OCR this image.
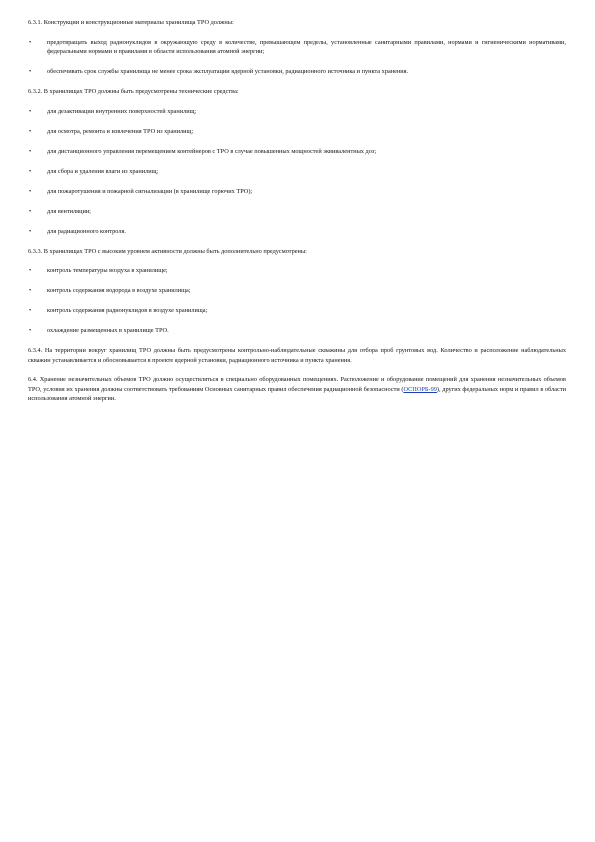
6.3.1. Конструкции и конструкционные материалы хранилища ТРО должны:

•	предотвращать выход радионуклидов в окружающую среду в количестве, превышающем пределы, установленные санитарными правилами, нормами и гигиеническими нормативами, федеральными нормами и правилами в области использования атомной энергии;
•	обеспечивать срок службы хранилища не менее срока эксплуатации ядерной установки, радиационного источника и пункта хранения.

6.3.2. В хранилищах ТРО должны быть предусмотрены технические средства:

•	для дезактивации внутренних поверхностей хранилищ;
•	для осмотра, ремонта и извлечения ТРО из хранилищ;
•	для дистанционного управления перемещением контейнеров с ТРО в случае повышенных мощностей эквивалентных доз;
•	для сбора и удаления влаги из хранилищ;
•	для пожаротушения и пожарной сигнализации (в хранилище горючих ТРО);
•	для вентиляции;
•	для радиационного контроля.

6.3.3. В хранилищах ТРО с высоким уровнем активности должны быть дополнительно предусмотрены:

•	контроль температуры воздуха в хранилище;
•	контроль содержания водорода в воздухе хранилища;
•	контроль содержания радионуклидов в воздухе хранилища;
•	охлаждение размещенных в хранилище ТРО.

6.3.4. На территории вокруг хранилищ ТРО должны быть предусмотрены контрольно-наблюдательные скважины для отбора проб грунтовых вод. Количество и расположение наблюдательных скважин устанавливается и обосновывается в проекте ядерной установки, радиационного источника и пункта хранения.

6.4. Хранение незначительных объемов ТРО должно осуществляться в специально оборудованных помещениях. Расположение и оборудование помещений для хранения незначительных объемов ТРО, условия их хранения должны соответствовать требованиям Основных санитарных правил обеспечения радиационной безопасности (ОСПОРБ-99), других федеральных норм и правил в области использования атомной энергии.
